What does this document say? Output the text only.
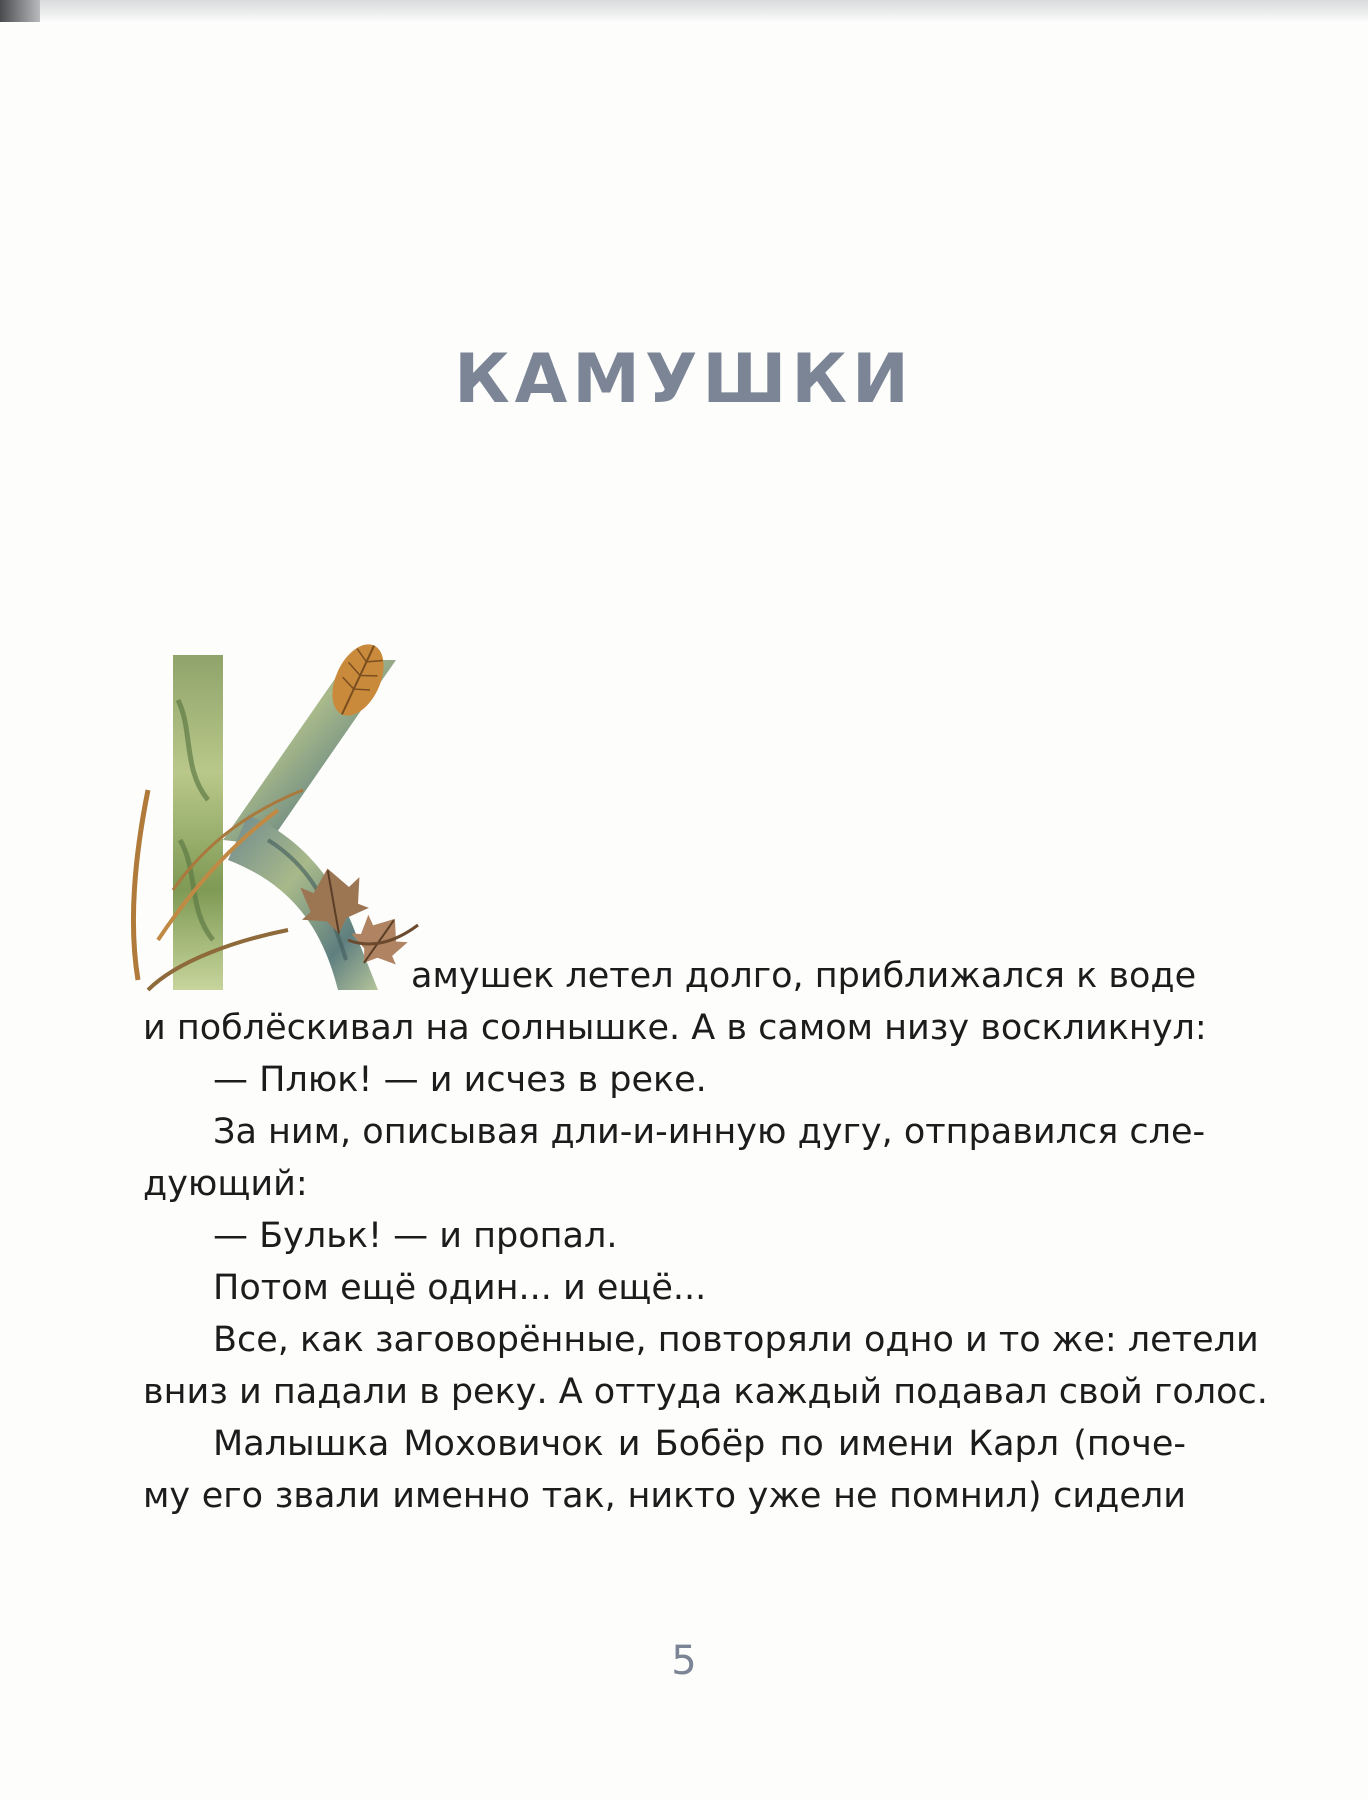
КАМУШКИ
амушек летел долго, приближался к воде
и поблёскивал на солнышке. А в самом низу воскликнул:
— Плюк! — и исчез в реке.
За ним, описывая дли-и-инную дугу, отправился сле-
дующий:
— Бульк! — и пропал.
Потом ещё один... и ещё...
Все, как заговорённые, повторяли одно и то же: летели
вниз и падали в реку. А оттуда каждый подавал свой голос.
Малышка Моховичок и Бобёр по имени Карл (поче-
му его звали именно так, никто уже не помнил) сидели
5
